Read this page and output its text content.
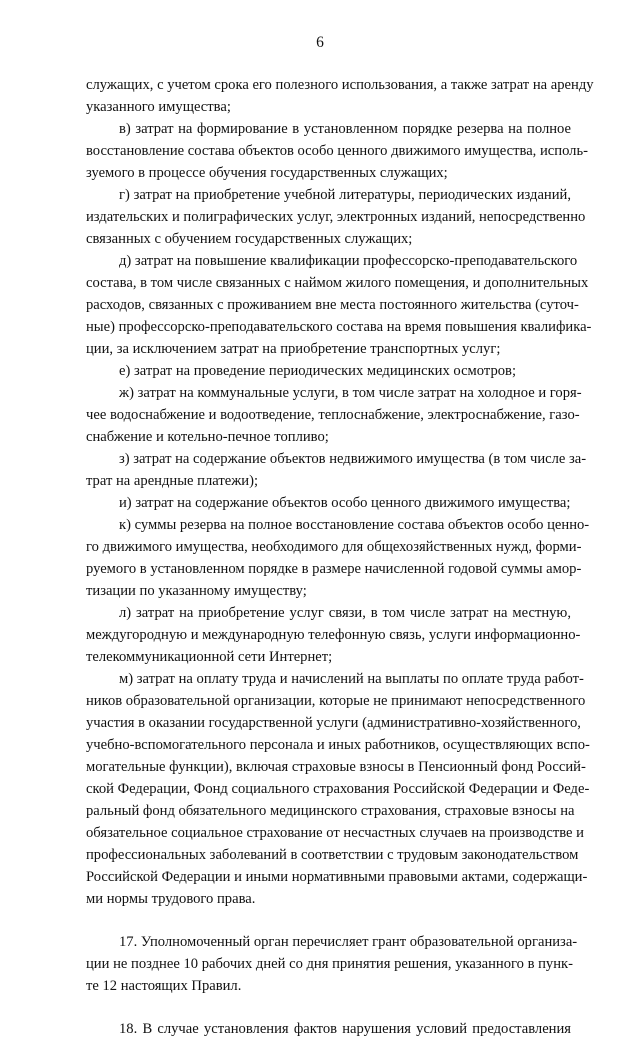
6
служащих, с учетом срока его полезного использования, а также затрат на аренду
указанного имущества;
в) затрат на формирование в установленном порядке резерва на полное
восстановление состава объектов особо ценного движимого имущества, исполь-
зуемого в процессе обучения государственных служащих;
г) затрат на приобретение учебной литературы, периодических изданий,
издательских и полиграфических услуг, электронных изданий, непосредственно
связанных с обучением государственных служащих;
д) затрат на повышение квалификации профессорско-преподавательского
состава, в том числе связанных с наймом жилого помещения, и дополнительных
расходов, связанных с проживанием вне места постоянного жительства (суточ-
ные) профессорско-преподавательского состава на время повышения квалифика-
ции, за исключением затрат на приобретение транспортных услуг;
е) затрат на проведение периодических медицинских осмотров;
ж) затрат на коммунальные услуги, в том числе затрат на холодное и горя-
чее водоснабжение и водоотведение, теплоснабжение, электроснабжение, газо-
снабжение и котельно-печное топливо;
з) затрат на содержание объектов недвижимого имущества (в том числе за-
трат на арендные платежи);
и) затрат на содержание объектов особо ценного движимого имущества;
к) суммы резерва на полное восстановление состава объектов особо ценно-
го движимого имущества, необходимого для общехозяйственных нужд, форми-
руемого в установленном порядке в размере начисленной годовой суммы амор-
тизации по указанному имуществу;
л) затрат на приобретение услуг связи, в том числе затрат на местную,
междугородную и международную телефонную связь, услуги информационно-
телекоммуникационной сети Интернет;
м) затрат на оплату труда и начислений на выплаты по оплате труда работ-
ников образовательной организации, которые не принимают непосредственного
участия в оказании государственной услуги (административно-хозяйственного,
учебно-вспомогательного персонала и иных работников, осуществляющих вспо-
могательные функции), включая страховые взносы в Пенсионный фонд Россий-
ской Федерации, Фонд социального страхования Российской Федерации и Феде-
ральный фонд обязательного медицинского страхования, страховые взносы на
обязательное социальное страхование от несчастных случаев на производстве и
профессиональных заболеваний в соответствии с трудовым законодательством
Российской Федерации и иными нормативными правовыми актами, содержащи-
ми нормы трудового права.
17. Уполномоченный орган перечисляет грант образовательной организа-
ции не позднее 10 рабочих дней со дня принятия решения, указанного в пунк-
те 12 настоящих Правил.
18. В случае установления фактов нарушения условий предоставления
